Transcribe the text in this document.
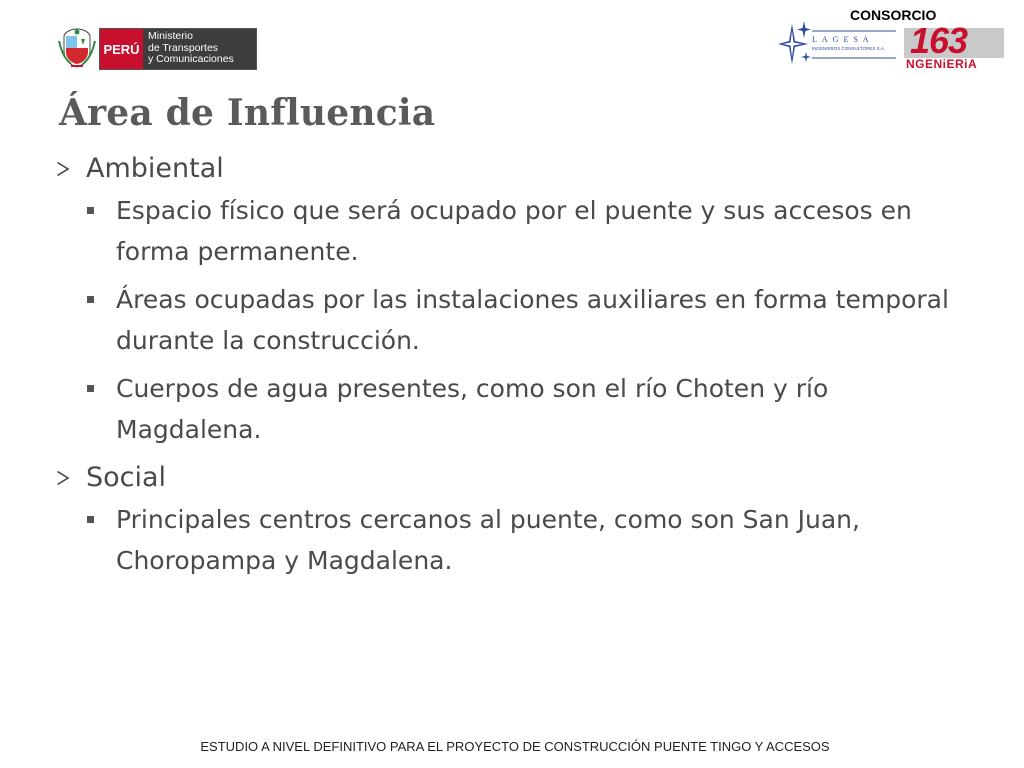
PERÚ
Ministerio
de Transportes
y Comunicaciones
CONSORCIO
LAGESA
INGENIEROS CONSULTORES S.A. 163
NGENiERiA
Área de Influencia
Ambiental
Espacio físico que será ocupado por el puente y sus accesos en forma permanente.
Áreas ocupadas por las instalaciones auxiliares en forma temporal durante la construcción.
Cuerpos de agua presentes, como son el río Choten y río Magdalena.
Social
Principales centros cercanos al puente, como son San Juan, Choropampa y Magdalena.
ESTUDIO A NIVEL DEFINITIVO PARA EL PROYECTO DE CONSTRUCCIÓN PUENTE TINGO Y ACCESOS
